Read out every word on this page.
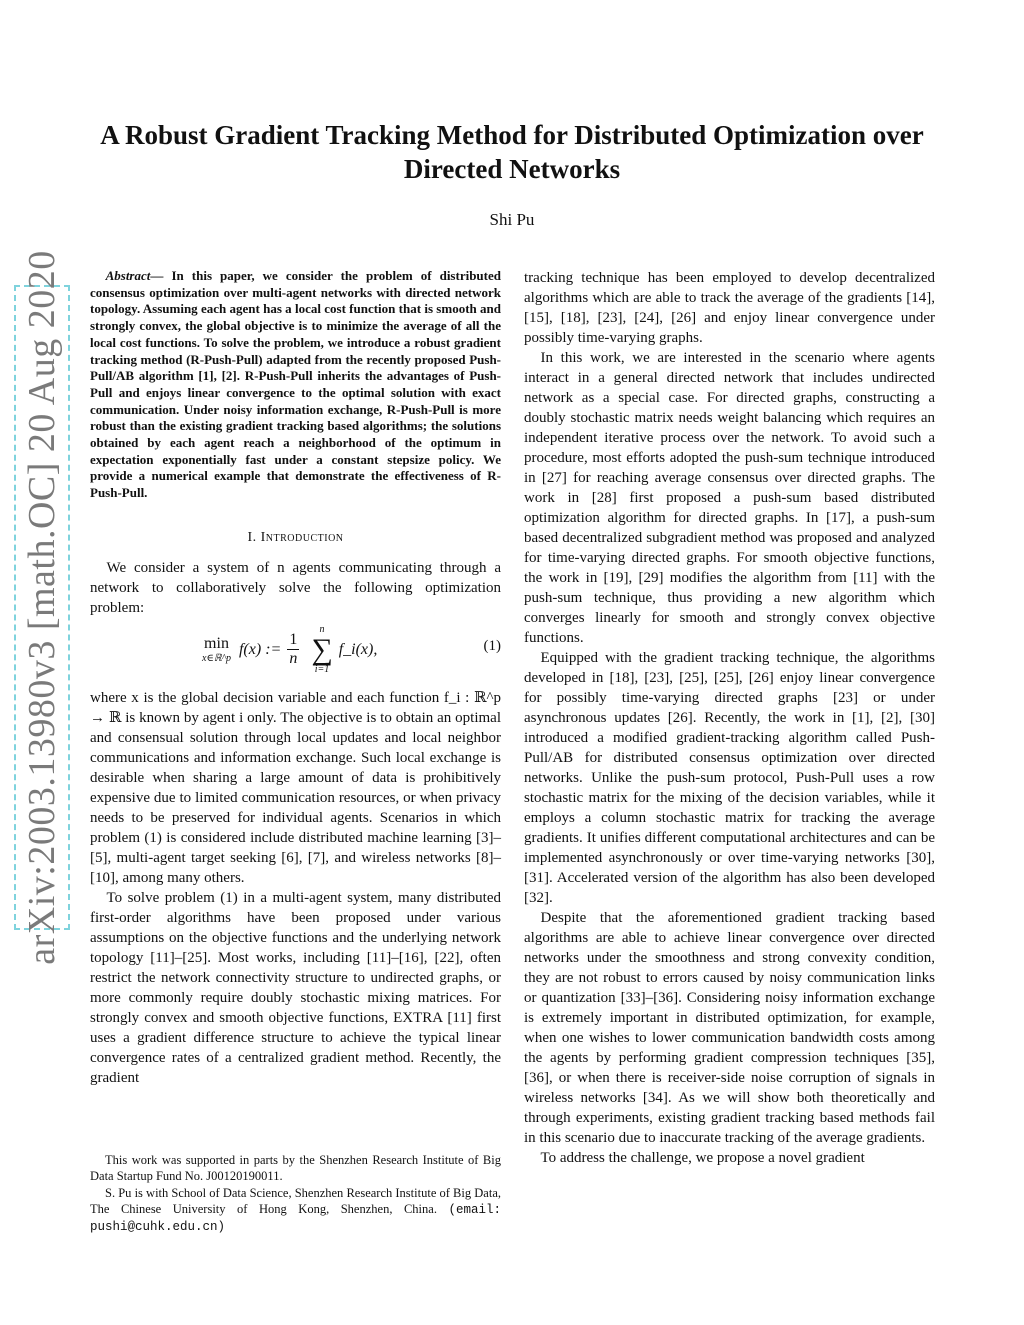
arXiv:2003.13980v3 [math.OC] 20 Aug 2020
A Robust Gradient Tracking Method for Distributed Optimization over Directed Networks
Shi Pu

Abstract— In this paper, we consider the problem of distributed consensus optimization over multi-agent networks with directed network topology. Assuming each agent has a local cost function that is smooth and strongly convex, the global objective is to minimize the average of all the local cost functions. To solve the problem, we introduce a robust gradient tracking method (R-Push-Pull) adapted from the recently proposed Push-Pull/AB algorithm [1], [2]. R-Push-Pull inherits the advantages of Push-Pull and enjoys linear convergence to the optimal solution with exact communication. Under noisy information exchange, R-Push-Pull is more robust than the existing gradient tracking based algorithms; the solutions obtained by each agent reach a neighborhood of the optimum in expectation exponentially fast under a constant stepsize policy. We provide a numerical example that demonstrate the effectiveness of R-Push-Pull.

I. Introduction

We consider a system of n agents communicating through a network to collaboratively solve the following optimization problem:

min
x∈ℝ^p
f(x) := $\frac{1}{n}$
n
∑
i=1
f_i(x),	(1)

where x is the global decision variable and each function f_i : ℝ^p → ℝ is known by agent i only. The objective is to obtain an optimal and consensual solution through local updates and local neighbor communications and information exchange. Such local exchange is desirable when sharing a large amount of data is prohibitively expensive due to limited communication resources, or when privacy needs to be preserved for individual agents. Scenarios in which problem (1) is considered include distributed machine learning [3]–[5], multi-agent target seeking [6], [7], and wireless networks [8]–[10], among many others.

To solve problem (1) in a multi-agent system, many distributed first-order algorithms have been proposed under various assumptions on the objective functions and the underlying network topology [11]–[25]. Most works, including [11]–[16], [22], often restrict the network connectivity structure to undirected graphs, or more commonly require doubly stochastic mixing matrices. For strongly convex and smooth objective functions, EXTRA [11] first uses a gradient difference structure to achieve the typical linear convergence rates of a centralized gradient method. Recently, the gradient

tracking technique has been employed to develop decentralized algorithms which are able to track the average of the gradients [14], [15], [18], [23], [24], [26] and enjoy linear convergence under possibly time-varying graphs.

In this work, we are interested in the scenario where agents interact in a general directed network that includes undirected network as a special case. For directed graphs, constructing a doubly stochastic matrix needs weight balancing which requires an independent iterative process over the network. To avoid such a procedure, most efforts adopted the push-sum technique introduced in [27] for reaching average consensus over directed graphs. The work in [28] first proposed a push-sum based distributed optimization algorithm for directed graphs. In [17], a push-sum based decentralized subgradient method was proposed and analyzed for time-varying directed graphs. For smooth objective functions, the work in [19], [29] modifies the algorithm from [11] with the push-sum technique, thus providing a new algorithm which converges linearly for smooth and strongly convex objective functions.

Equipped with the gradient tracking technique, the algorithms developed in [18], [23], [25], [25], [26] enjoy linear convergence for possibly time-varying directed graphs [23] or under asynchronous updates [26]. Recently, the work in [1], [2], [30] introduced a modified gradient-tracking algorithm called Push-Pull/AB for distributed consensus optimization over directed networks. Unlike the push-sum protocol, Push-Pull uses a row stochastic matrix for the mixing of the decision variables, while it employs a column stochastic matrix for tracking the average gradients. It unifies different computational architectures and can be implemented asynchronously or over time-varying networks [30], [31]. Accelerated version of the algorithm has also been developed [32].

Despite that the aforementioned gradient tracking based algorithms are able to achieve linear convergence over directed networks under the smoothness and strong convexity condition, they are not robust to errors caused by noisy communication links or quantization [33]–[36]. Considering noisy information exchange is extremely important in distributed optimization, for example, when one wishes to lower communication bandwidth costs among the agents by performing gradient compression techniques [35], [36], or when there is receiver-side noise corruption of signals in wireless networks [34]. As we will show both theoretically and through experiments, existing gradient tracking based methods fail in this scenario due to inaccurate tracking of the average gradients.

To address the challenge, we propose a novel gradient

This work was supported in parts by the Shenzhen Research Institute of Big Data Startup Fund No. J00120190011.

S. Pu is with School of Data Science, Shenzhen Research Institute of Big Data, The Chinese University of Hong Kong, Shenzhen, China. (email: pushi@cuhk.edu.cn)
